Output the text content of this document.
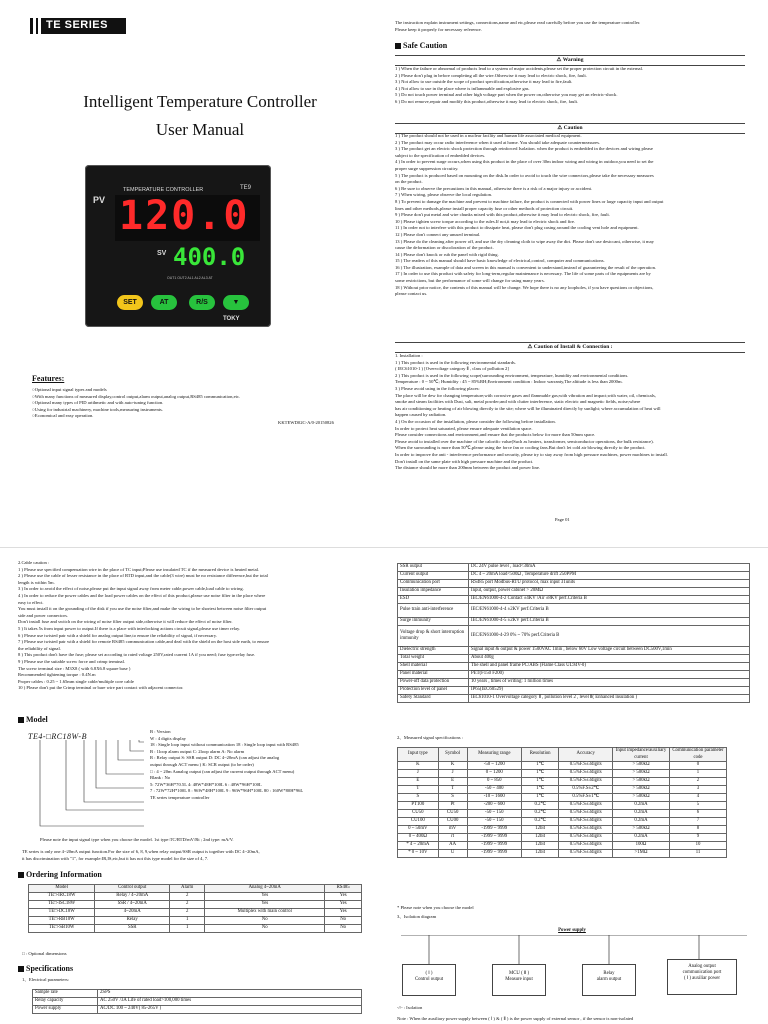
TE SERIES
Intelligent Temperature Controller
User Manual
TEMPERATURE CONTROLLER	TE9
PV 120.0
SV 400.0
OUT1 OUT2 AL1 AL2 AL3 AT
SET	AT	R/S	▼
TOKY
Features:

○Optional input signal types and models

○With many functions of measured display,control output,alarm output,analog output,RS485 communication,etc.

○Optional many types of PID arithmetic and with auto-tuning function.

○Using for industrial machinery, machine tools,measuring instruments.

○Economical and easy operation.

KKTEWD02C-A/0-20150826

The instruction explain instrument settings, connections,name and etc,please read carefully before you use the temperature controller.

Please keep it properly for necessary reference.

Safe Caution
⚠ Warning

1 ) When the failure or abnormal of products lead to a system of major accidents,please set the proper protection circuit in the external.

2 ) Please don't plug in before completing all the wire.Otherwise it may lead to electric shock, fire, fault.

3 ) Not allow to use outside the scope of product specification,otherwise it may lead to fire,fault.

4 ) Not allow to use in the place where is inflammable and explosive gas.

5 ) Do not touch power terminal and other high voltage part when the power on,otherwise you may get an electric-shock.

6 ) Do not remove,repair and modify this product,otherwise it may lead to electric shock, fire, fault.

⚠ Caution

1 ) The product should not be used in a nuclear facility and human life associated medical equipment.

2 ) The product may occur radio interference when it used at home. You should take adequate countermeasures.

3 ) The product get an electric shock protection through reinforced Isolation. when the product is embedded in the devices and wiring please

subject to the specification of embedded devices.

4 ) In order to prevent surge occurs,when using this product in the place of over 30m indoor wiring and wiring in outdoor,you need to set the

proper surge suppression circuitry.

5 ) The product is produced based on mounting on the disk.In order to avoid to touch the wire connectors,please take the necessary measures

on the product.

6 ) Be sure to observe the precautions in this manual, otherwise there is a risk of a major injury or accident.

7 ) When wiring, please observe the local regulation.

8 ) To prevent to damage the machine and prevent to machine failure, the product is connected with power lines or large capacity input and output

lines and other methods,please install proper capacity fuse or other methods of protection circuit.

9 ) Please don't put metal and wire chunks mixed with this product,otherwise it may lead to electric shock, fire, fault.

10 ) Please tighten screw torque according to the rules.If not,it may lead to electric shock and fire.

11 ) In order not to interfere with this product to dissipate heat, please don't plug casing around the cooling vent hole and equipment.

12 ) Please don't connect any unused terminal.

13 ) Please do the cleaning after power off, and use the dry cleaning cloth to wipe away the dirt. Please don't use desiccant, otherwise, it may

cause the deformation or discoloration of the product.

14 ) Please don't knock or rub the panel with rigid thing.

15 ) The readers of this manual should have basic knowledge of electrical,control, computer and communications.

16 ) The illustration, example of data and screen in this manual is convenient to understand,instead of guaranteeing the result of the operation.

17 ) In order to use this product with safety for long-term,regular maintenance is necessary. The life of some parts of the equipments are by

some restrictions, but the performance of some will change for using many years.

18 ) Without prior notice, the contents of this manual will be change. We hope there is no any loopholes, if you have questions or objections,

please contact us.

⚠ Caution of Install & Connection :

1. Installation :

1 ) This product is used in the following environmental standards.

( IEC61010-1 ) [Overvoltage category Ⅱ , class of pollution 2]

2 ) This product is used in the following scope(surrounding environment, temperature, humidity and environmental conditions.

Temperature : 0 ~ 50℃; Humidity : 45 ~ 85%RH;Environment condition : Indoor warranty,The altitude is less than 2000m.

3 ) Please avoid using in the following places:

The place will be dew for changing temperature;with corrosive gases and flammable gas;with vibration and impact;with water, oil, chemicals,

smoke and steam facilities with Dust, salt, metal powder;and with clutter interference, static electric and magnetic fields, noise;where

has air conditioning or heating of air blowing directly to the site; where will be illuminated directly by sunlight; where accumulation of heat will

happen caused by radiation.

4 ) On the occasion of the installation, please consider the following before installation.

In order to protect heat saturated, please ensure adequate ventilation space.

Please consider connections and environment,and ensure that the products below for more than 50mm space.

Please avoid to installed over the machine of the calorific value(Such as heaters, transformer, semiconductor operations, the bulk resistance).

When the surrounding is more than 50℃,please using the force fan or cooling fans.But don't let cold air blowing directly to the product.

In order to improve the anti - interference performance and security, please try to stay away from high pressure machines, power machines to install.

Don't install on the same plate with high pressure machine and the product.

The distance should be more than 200mm between the product and power line.

Page 01

2.Cable caution :

1 ) Please use specified compensation wire in the place of TC input;Please use insulated TC if the measured device is heated metal.

2 ) Please use the cable of lesser resistance in the place of RTD input,and the cable(3 wire) must be no resistance difference,but the total

length is within 5m.

3 ) In order to avoid the effect of noise,please put the input signal away from meter cable,power cable,load cable to wiring.

4 ) In order to reduce the power cables and the load power cables on the effect of this product,please use noise filter in the place where

easy to effect.

You must install it on the grounding of the disk if you use the noise filter,and make the wiring to be shortest between noise filter output

side and power connectors.

Don't install fuse and switch on the wiring of noise filter output side,otherwise it will reduce the effect of noise filter.

5 ) It takes 5s from input power to output.If there is a place with interlocking actions circuit signal,please use timer relay.

6 ) Please use twisted pair with a shield for analog output line,to ensure the reliability of signal, if necessary.

7 ) Please use twisted pair with a shield for remote RS485 communication cable,and deal with the shield on the host side earth, to ensure

the reliability of signal.

8 ) This product don't have the fuse; please set according to rated voltage 250V,rated current 1A if you need; fuse type:relay fuse.

9 ) Please use the suitable screw force and crimp terminal.

The screw terminal size : M3X8 ( with 6.8X6.8 square base )

Recommended tightening torque : 0.4N.m

Proper cables : 0.25 ~ 1.65mm single cable/multiple core cable

10 ) Please don't put the Crimp terminal or bare wire part contact with adjacent connector.

Model
TE4-□RC18W-B

B : Version

W : 4 digits display

18 : Single loop input without communication 18 : Single loop input with RS485

B : 1loop alarm output C: 2loop alarm A: No alarm

R : Relay output S: SSR output D: DC 4~20mA (can adjust the analog

output through ACT menu ) K: SCR output (to be order)

□ : 4 ~ 20m Aanalog output (can adjust the current output through ACT menu)

Blank : No

5: 72W*36H*70.5L 4: 48W*48H*100L 6 : 48W*96H*100L

7 : 72W*72H*100L 8 : 96W*48H*100L 9 : 96W*96H*100L 80 : 160W*80H*96L

TE series temperature controller

Please note the input signal type when you choose the model. 1st type:TC/RTD/mV/Rt ; 2nd type: mA/V.

TE series is only one 4~20mA output function.For the size of 6, 8, 9,when relay output/SSR output is together with DC 4~20mA,

it has discrimination with "1", for example:IR,IS,etc,but it has not this type model for the size of 4, 7.

Ordering Information
Model	Control output	Alarm	Analog 4~20mA	RS485
TE□-IRC18W	Relay / 4~20mA	2	Yes	Yes
TE□-ISC18W	SSR / 4~20mA	2	Yes	Yes
TE□-DC18W	4~20mA	2	Multiplex with main control	Yes
TE□-RB10W	Relay	1	No	No
TE□-SB10W	SSR	1	No	No
□ : Optional dimensions
Specifications
1、Electrical parameters:
Sample rate	2SPS
Relay capacity	AC 250V /3A Life of rated load>100,000 times
Power supply	AC/DC 100 ~ 240V( 85-265V )
SSR output	DC 24V pulse level , load<30mA
Current output	DC 4 ~ 20mA load<500Ω , Temperature drift 250PPM
Communication port	RS485 port Modbus-RTU protocol, max input 31units
Insulation impedance	Input, output, power cabinet > 20MΩ
ESD	IEC/EN61000-4-2 Contact ±4KV /Air ±8KV perf.Criteria B
Pulse train anti-interference	IEC/EN61000-4-4 ±2KV perf.Criteria B
Surge immunity	IEC/EN61000-4-5 ±2KV perf.Criteria B
Voltage drop & short interruption immunity	IEC/EN61000-4-29 0% ~ 70% perf.Criteria B
Dielectric strength	Signal input & output & power 1500VAC 1min , below 60V Low voltage circuit between DC500V,1min
Total weight	About 400g
Shell material	The shell and panel frame PC/ABS (Flame Class UL94V-0)
Panel material	PET(F150 F200)
Power-off data protection	10 years , times of writing: 1 million times
Protection level of panel	IP65(IEC60529)
Safety Standard	IEC61010-1 Overvoltage category Ⅱ , pollution level 2 , level Ⅱ( Enhanced insulation )
2、Measured signal specifications :
Input type	Symbol	Measuring range	Resolution	Accuracy	Input impedance/auxiliary current	Communication parameter code
K	K	-50 ~ 1200	1℃	0.5%F.S±3digits	> 500kΩ	0
J	J	0 ~ 1200	1℃	0.5%F.S±3digits	> 500kΩ	1
E	E	0 ~ 850	1℃	0.5%F.S±3digits	> 500kΩ	2
T	T	-50 ~ 400	1℃	0.5%F.S±2℃	> 500kΩ	3
S	S	-10 ~ 1600	1℃	0.5%F.S±1℃	> 500kΩ	4
PT100	Pt	-200 ~ 600	0.2℃	0.5%F.S±3digits	0.2mA	5
CU50	CU50	-50 ~ 150	0.2℃	0.5%F.S±3digits	0.2mA	6
CU100	CU00	-50 ~ 150	0.2℃	0.5%F.S±3digits	0.2mA	7
0 ~ 50mV	mV	-1999 ~ 9999	12bit	0.5%F.S±3digits	> 500kΩ	8
0 ~ 400Ω	rt	-1999 ~ 9999	12bit	0.5%F.S±3digits	0.2mA	9
* 4 ~ 20mA	AA	-1999 ~ 9999	12bit	0.5%F.S±3digits	100Ω	10
* 0 ~ 10V	U	-1999 ~ 9999	12bit	0.5%F.S±3digits	>1MΩ	11
* Please note when you choose the model
3、Isolation diagram
Power supply
( Ⅰ )
Control output
MCU ( Ⅱ )
Measure input
Relay
alarm output
Analog output
communication port
( Ⅰ ) auxiliar power
-//- : Isolation
Note : When the auxiliary power supply between ( Ⅰ ) & ( Ⅱ ) is the power supply of external sensor , if the sensor is non-isolated
